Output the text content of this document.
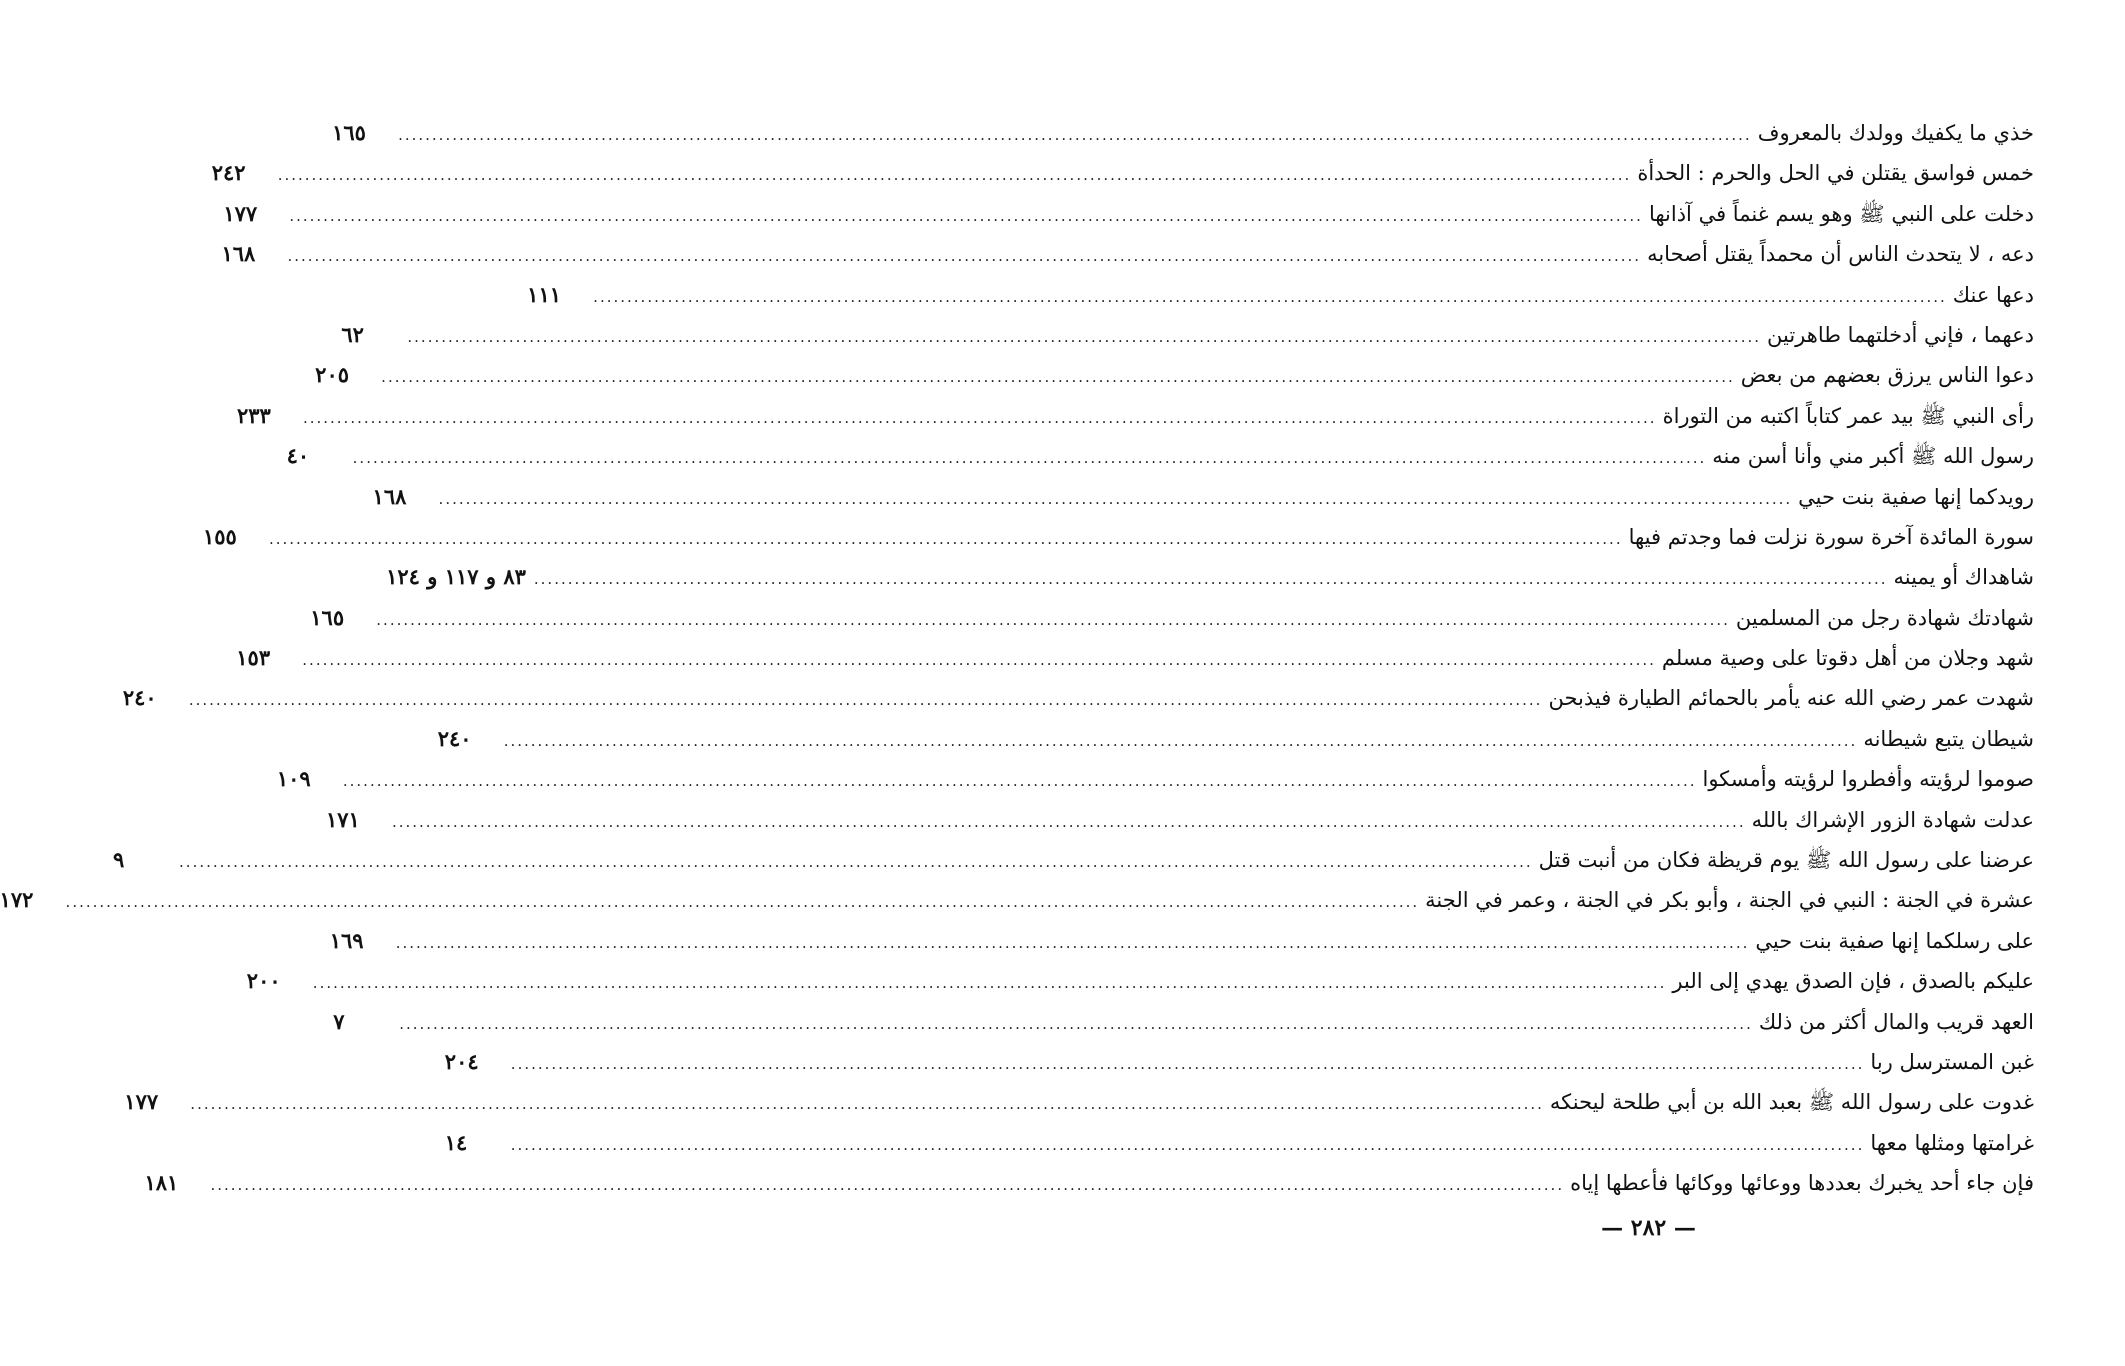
خذي ما يكفيك وولدك بالمعروف
........................................................................................................................................................................................................
١٦٥
خمس فواسق يقتلن في الحل والحرم : الحدأة
........................................................................................................................................................................................................
٢٤٢
دخلت على النبي ﷺ وهو يسم غنماً في آذانها
........................................................................................................................................................................................................
١٧٧
دعه ، لا يتحدث الناس أن محمداً يقتل أصحابه
........................................................................................................................................................................................................
١٦٨
دعها عنك
........................................................................................................................................................................................................
١١١
دعهما ، فإني أدخلتهما طاهرتين
........................................................................................................................................................................................................
٦٢
دعوا الناس يرزق بعضهم من بعض
........................................................................................................................................................................................................
٢٠٥
رأى النبي ﷺ بيد عمر كتاباً اكتبه من التوراة
........................................................................................................................................................................................................
٢٣٣
رسول الله ﷺ أكبر مني وأنا أسن منه
........................................................................................................................................................................................................
٤٠
رويدكما إنها صفية بنت حيي
........................................................................................................................................................................................................
١٦٨
سورة المائدة آخرة سورة نزلت فما وجدتم فيها
........................................................................................................................................................................................................
١٥٥
شاهداك أو يمينه
........................................................................................................................................................................................................
٨٣ و ١١٧ و ١٢٤
شهادتك شهادة رجل من المسلمين
........................................................................................................................................................................................................
١٦٥
شهد وجلان من أهل دقوتا على وصية مسلم
........................................................................................................................................................................................................
١٥٣
شهدت عمر رضي الله عنه يأمر بالحمائم الطيارة فيذبحن
........................................................................................................................................................................................................
٢٤٠
شيطان يتبع شيطانه
........................................................................................................................................................................................................
٢٤٠
صوموا لرؤيته وأفطروا لرؤيته وأمسكوا
........................................................................................................................................................................................................
١٠٩
عدلت شهادة الزور الإشراك بالله
........................................................................................................................................................................................................
١٧١
عرضنا على رسول الله ﷺ يوم قريظة فكان من أنبت قتل
........................................................................................................................................................................................................
٩
عشرة في الجنة : النبي في الجنة ، وأبو بكر في الجنة ، وعمر في الجنة
........................................................................................................................................................................................................
١٧٢
على رسلكما إنها صفية بنت حيي
........................................................................................................................................................................................................
١٦٩
عليكم بالصدق ، فإن الصدق يهدي إلى البر
........................................................................................................................................................................................................
٢٠٠
العهد قريب والمال أكثر من ذلك
........................................................................................................................................................................................................
٧
غبن المسترسل ربا
........................................................................................................................................................................................................
٢٠٤
غدوت على رسول الله ﷺ بعبد الله بن أبي طلحة ليحنكه
........................................................................................................................................................................................................
١٧٧
غرامتها ومثلها معها
........................................................................................................................................................................................................
١٤
فإن جاء أحد يخبرك بعددها ووعائها ووكائها فأعطها إياه
........................................................................................................................................................................................................
١٨١
— ٢٨٢ —
